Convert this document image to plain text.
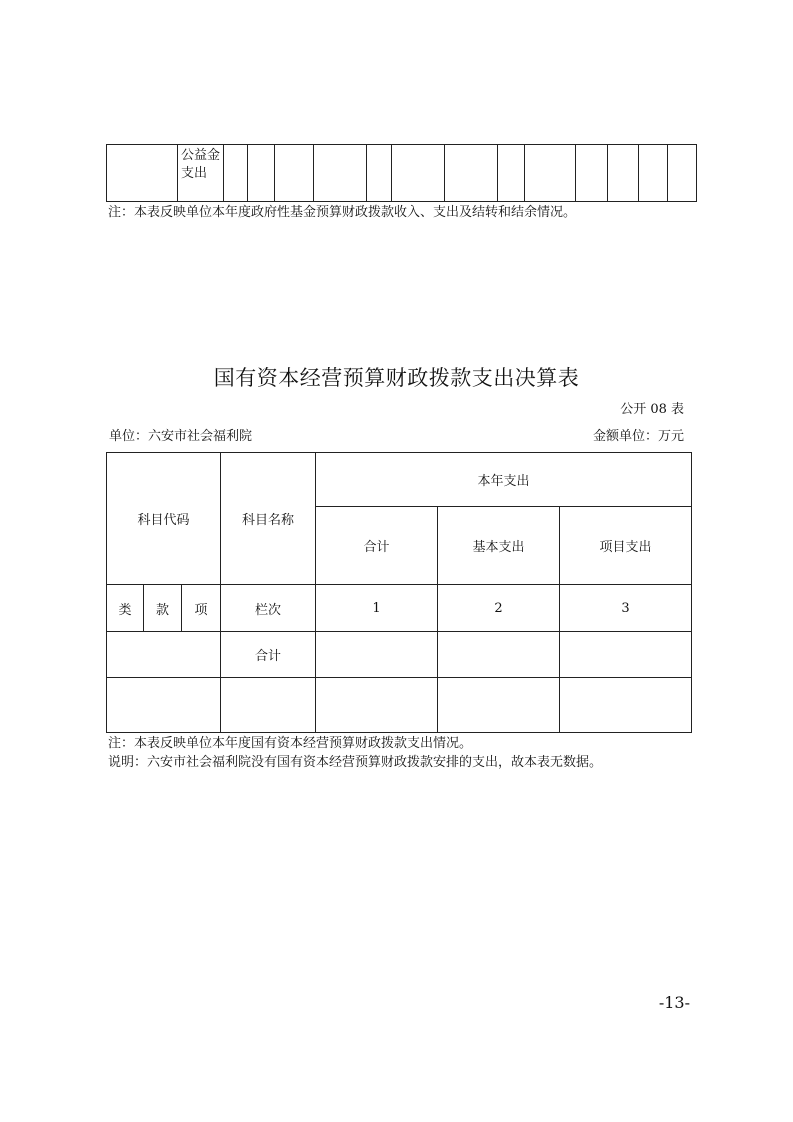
	公益金支出													
注：本表反映单位本年度政府性基金预算财政拨款收入、支出及结转和结余情况。
国有资本经营预算财政拨款支出决算表
公开 08 表
单位：六安市社会福利院	金额单位：万元
科目代码			科目名称	本年支出		
				合计	基本支出	项目支出
类	款	项	栏次	1	2	3
			合计			

注：本表反映单位本年度国有资本经营预算财政拨款支出情况。
说明：六安市社会福利院没有国有资本经营预算财政拨款安排的支出，故本表无数据。
-13-
